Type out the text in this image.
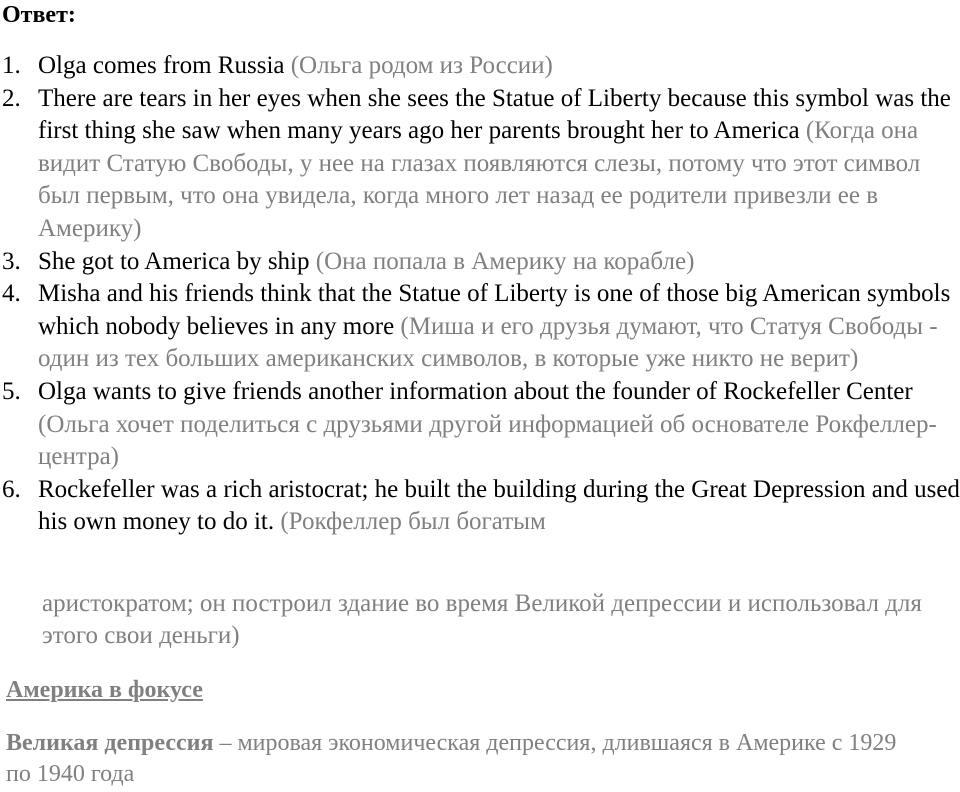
Ответ:
1. Olga comes from Russia (Ольга родом из России)
2. There are tears in her eyes when she sees the Statue of Liberty because this symbol was the first thing she saw when many years ago her parents brought her to America (Когда она видит Статую Свободы, у нее на глазах появляются слезы, потому что этот символ был первым, что она увидела, когда много лет назад ее родители привезли ее в Америку)
3. She got to America by ship (Она попала в Америку на корабле)
4. Misha and his friends think that the Statue of Liberty is one of those big American symbols which nobody believes in any more (Миша и его друзья думают, что Статуя Свободы - один из тех больших американских символов, в которые уже никто не верит)
5. Olga wants to give friends another information about the founder of Rockefeller Center (Ольга хочет поделиться с друзьями другой информацией об основателе Рокфеллер-центра)
6. Rockefeller was a rich aristocrat; he built the building during the Great Depression and used his own money to do it. (Рокфеллер был богатым

аристократом; он построил здание во время Великой депрессии и использовал для этого свои деньги)

Америка в фокусе

Великая депрессия – мировая экономическая депрессия, длившаяся в Америке с 1929 по 1940 года
